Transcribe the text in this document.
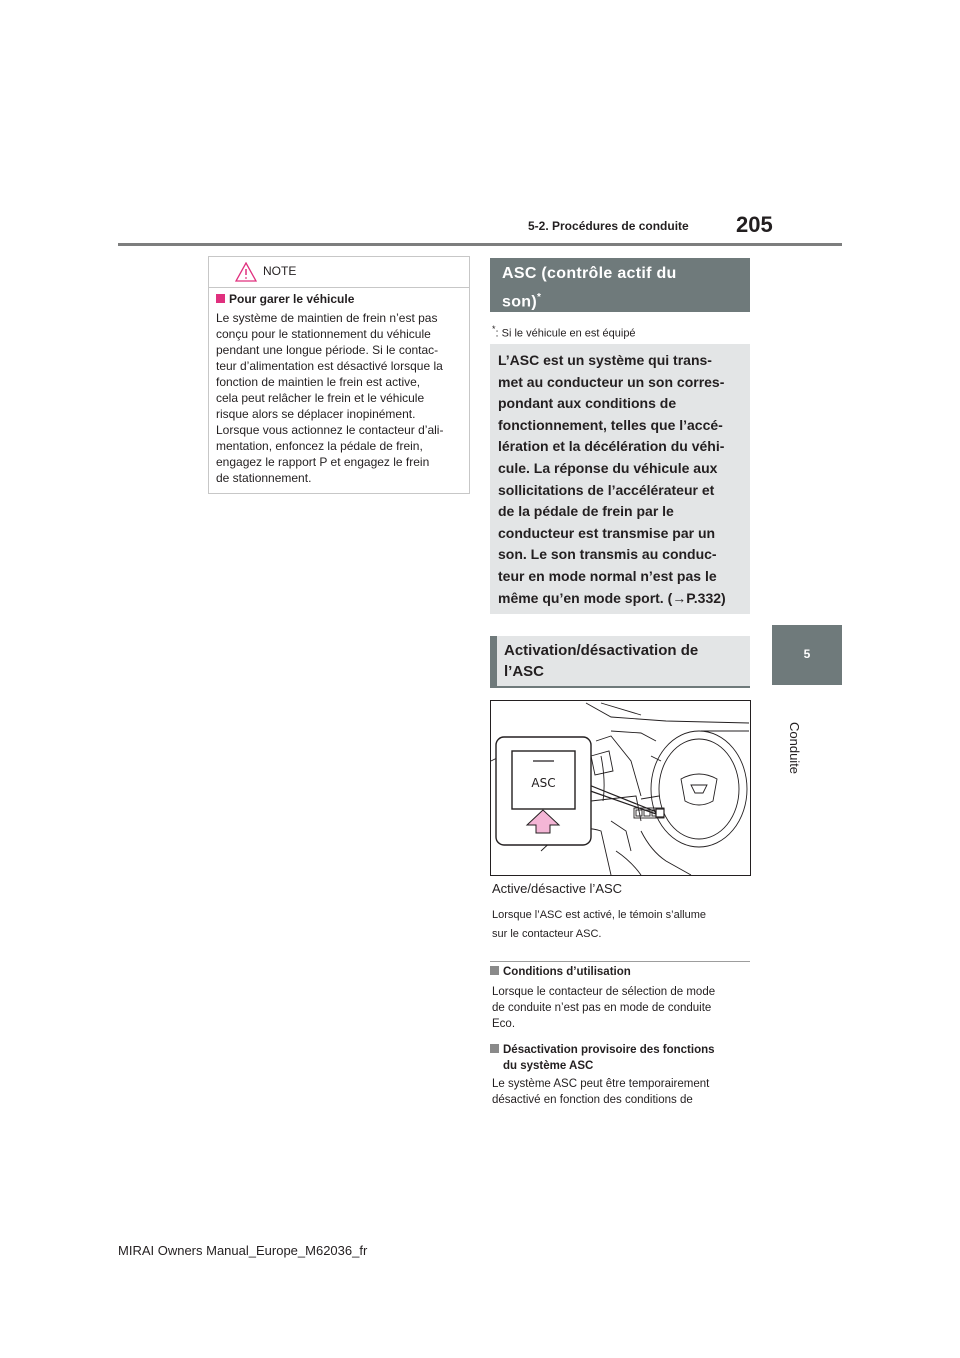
5-2. Procédures de conduite 205
5
Conduite
NOTE
Pour garer le véhicule
Le système de maintien de frein n’est pas
conçu pour le stationnement du véhicule
pendant une longue période. Si le contac-
teur d’alimentation est désactivé lorsque la
fonction de maintien le frein est active,
cela peut relâcher le frein et le véhicule
risque alors se déplacer inopinément.
Lorsque vous actionnez le contacteur d’ali-
mentation, enfoncez la pédale de frein,
engagez le rapport P et engagez le frein
de stationnement.
ASC (contrôle actif du
son)*
*: Si le véhicule en est équipé
L’ASC est un système qui trans-
met au conducteur un son corres-
pondant aux conditions de
fonctionnement, telles que l’accé-
lération et la décélération du véhi-
cule. La réponse du véhicule aux
sollicitations de l’accélérateur et
de la pédale de frein par le
conducteur est transmise par un
son. Le son transmis au conduc-
teur en mode normal n’est pas le
même qu’en mode sport. (→P.332)
Activation/désactivation de
l’ASC
ASC
Active/désactive l’ASC
Lorsque l’ASC est activé, le témoin s’allume
sur le contacteur ASC.
Conditions d’utilisation
Lorsque le contacteur de sélection de mode
de conduite n’est pas en mode de conduite
Eco.
Désactivation provisoire des fonctions
du système ASC
Le système ASC peut être temporairement
désactivé en fonction des conditions de
MIRAI Owners Manual_Europe_M62036_fr
